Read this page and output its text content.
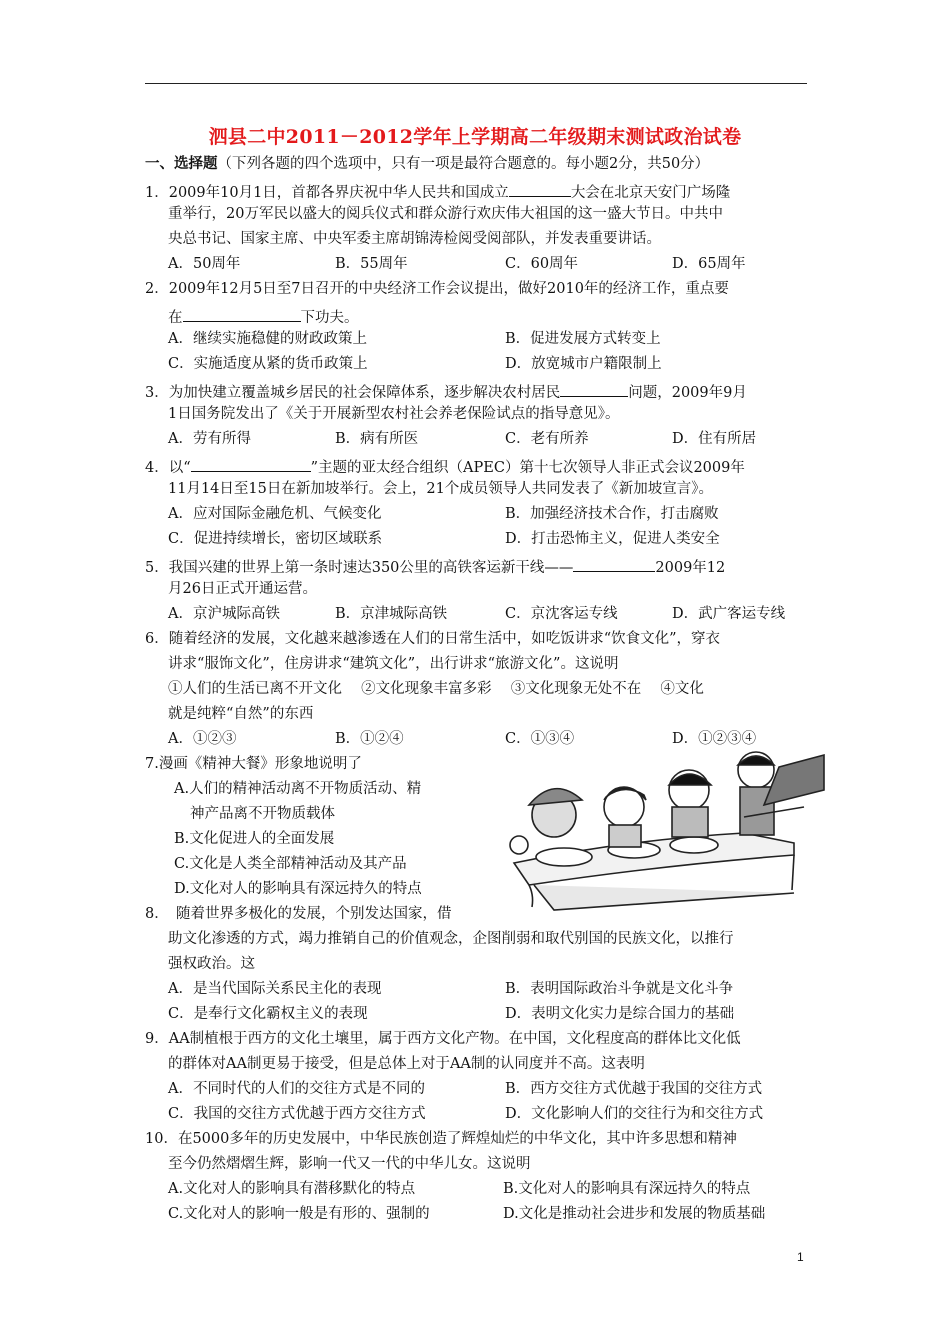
泗县二中2011－2012学年上学期高二年级期末测试政治试卷
一、选择题（下列各题的四个选项中，只有一项是最符合题意的。每小题2分，共50分）
1．2009年10月1日，首都各界庆祝中华人民共和国成立	大会在北京天安门广场隆
重举行，20万军民以盛大的阅兵仪式和群众游行欢庆伟大祖国的这一盛大节日。中共中
央总书记、国家主席、中央军委主席胡锦涛检阅受阅部队，并发表重要讲话。
A．50周年	B．55周年	C．60周年	D．65周年
2．2009年12月5日至7日召开的中央经济工作会议提出，做好2010年的经济工作，重点要
在	下功夫。
A．继续实施稳健的财政政策上	B．促进发展方式转变上
C．实施适度从紧的货币政策上	D．放宽城市户籍限制上
3．为加快建立覆盖城乡居民的社会保障体系，逐步解决农村居民	问题，2009年9月
1日国务院发出了《关于开展新型农村社会养老保险试点的指导意见》。
A．劳有所得	B．病有所医	C．老有所养	D．住有所居
4．以“	”主题的亚太经合组织（APEC）第十七次领导人非正式会议2009年
11月14日至15日在新加坡举行。会上，21个成员领导人共同发表了《新加坡宣言》。
A．应对国际金融危机、气候变化	B．加强经济技术合作，打击腐败
C．促进持续增长，密切区域联系	D．打击恐怖主义，促进人类安全
5．我国兴建的世界上第一条时速达350公里的高铁客运新干线——	2009年12
月26日正式开通运营。
A．京沪城际高铁	B．京津城际高铁	C．京沈客运专线	D．武广客运专线
6．随着经济的发展，文化越来越渗透在人们的日常生活中，如吃饭讲求“饮食文化”，穿衣
讲求“服饰文化”，住房讲求“建筑文化”，出行讲求“旅游文化”。这说明
①人们的生活已离不开文化　 ②文化现象丰富多彩　 ③文化现象无处不在　 ④文化
就是纯粹“自然”的东西
A．①②③	B．①②④	C．①③④	D．①②③④
7.漫画《精神大餐》形象地说明了
A.人们的精神活动离不开物质活动、精
神产品离不开物质载体
B.文化促进人的全面发展
C.文化是人类全部精神活动及其产品
D.文化对人的影响具有深远持久的特点
8．　随着世界多极化的发展，个别发达国家，借
助文化渗透的方式，竭力推销自己的价值观念，企图削弱和取代别国的民族文化，以推行
强权政治。这
A．是当代国际关系民主化的表现	B．表明国际政治斗争就是文化斗争
C．是奉行文化霸权主义的表现	D．表明文化实力是综合国力的基础
9．AA制植根于西方的文化土壤里，属于西方文化产物。在中国，文化程度高的群体比文化低
的群体对AA制更易于接受，但是总体上对于AA制的认同度并不高。这表明
A．不同时代的人们的交往方式是不同的	B．西方交往方式优越于我国的交往方式
C．我国的交往方式优越于西方交往方式	D．文化影响人们的交往行为和交往方式
10．在5000多年的历史发展中，中华民族创造了辉煌灿烂的中华文化，其中许多思想和精神
至今仍然熠熠生辉，影响一代又一代的中华儿女。这说明
A.文化对人的影响具有潜移默化的特点	B.文化对人的影响具有深远持久的特点
C.文化对人的影响一般是有形的、强制的	D.文化是推动社会进步和发展的物质基础
1
